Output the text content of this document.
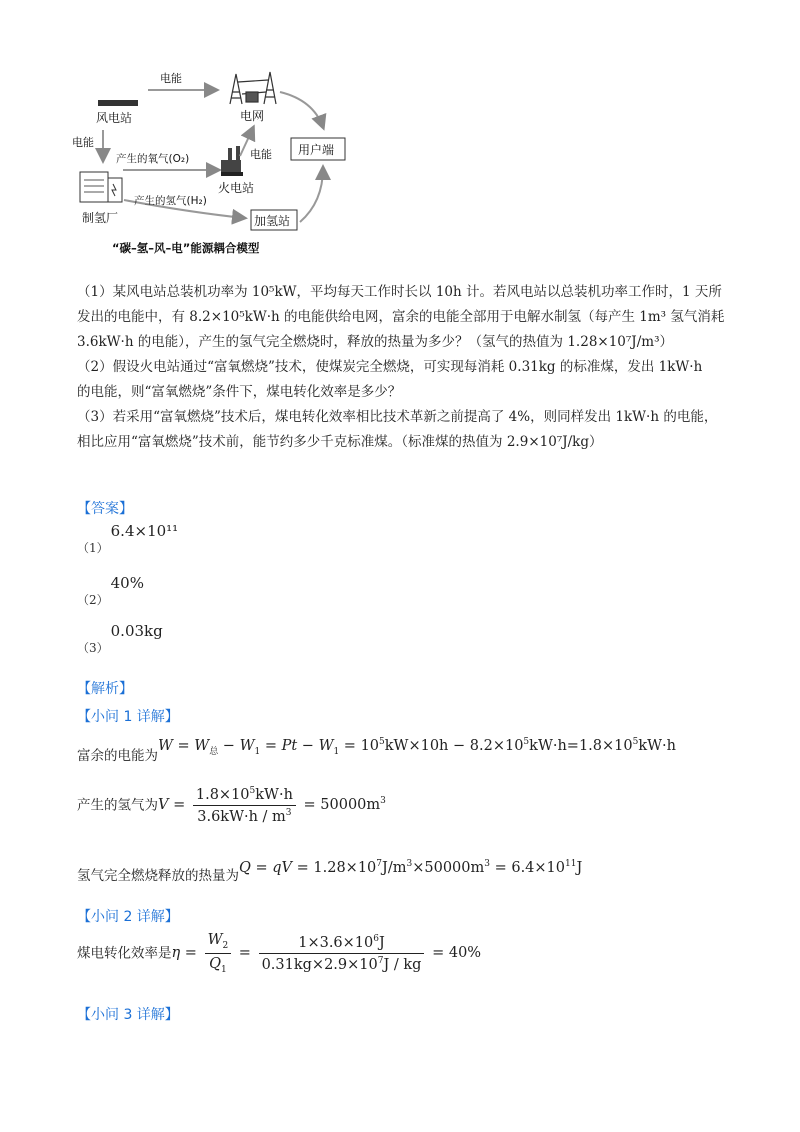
风电站
电能
电网
用户端
电能
制氢厂
产生的氧气(O₂)
火电站
电能
产生的氢气(H₂)
加氢站
“碳–氢–风–电”能源耦合模型
（1）某风电站总装机功率为 10⁵kW，平均每天工作时长以 10h 计。若风电站以总装机功率工作时，1 天所
发出的电能中，有 8.2×10⁵kW·h 的电能供给电网，富余的电能全部用于电解水制氢（每产生 1m³ 氢气消耗
3.6kW·h 的电能），产生的氢气完全燃烧时，释放的热量为多少？（氢气的热值为 1.28×10⁷J/m³）
（2）假设火电站通过“富氧燃烧”技术，使煤炭完全燃烧，可实现每消耗 0.31kg 的标准煤，发出 1kW·h
的电能，则“富氧燃烧”条件下，煤电转化效率是多少？
（3）若采用“富氧燃烧”技术后，煤电转化效率相比技术革新之前提高了 4%，则同样发出 1kW·h 的电能，
相比应用“富氧燃烧”技术前，能节约多少千克标准煤。（标准煤的热值为 2.9×10⁷J/kg）
【答案】
（1）6.4×10¹¹
（2）40%
（3）0.03kg
【解析】
【小问 1 详解】
富余的电能为$W = W_总 - W_1 = Pt - W_1 = 10^5kW\times 10h - 8.2\times 10^5kW\cdot h=1.8\times 10^5kW\cdot h$
产生的氢气为$V = \frac{1.8\times 10^5kW\cdot h}{3.6kW\cdot h / m^3} = 50000m^3$
氢气完全燃烧释放的热量为Q = qV = $1.28\times 10^7J/m^3\times 50000m^3 = 6.4\times 10^{11}J$
【小问 2 详解】
煤电转化效率是$\eta = \frac{W_2}{Q_1} = \frac{1\times 3.6\times 10^6J}{0.31kg\times 2.9\times 10^7J / kg} = 40\%$
【小问 3 详解】
